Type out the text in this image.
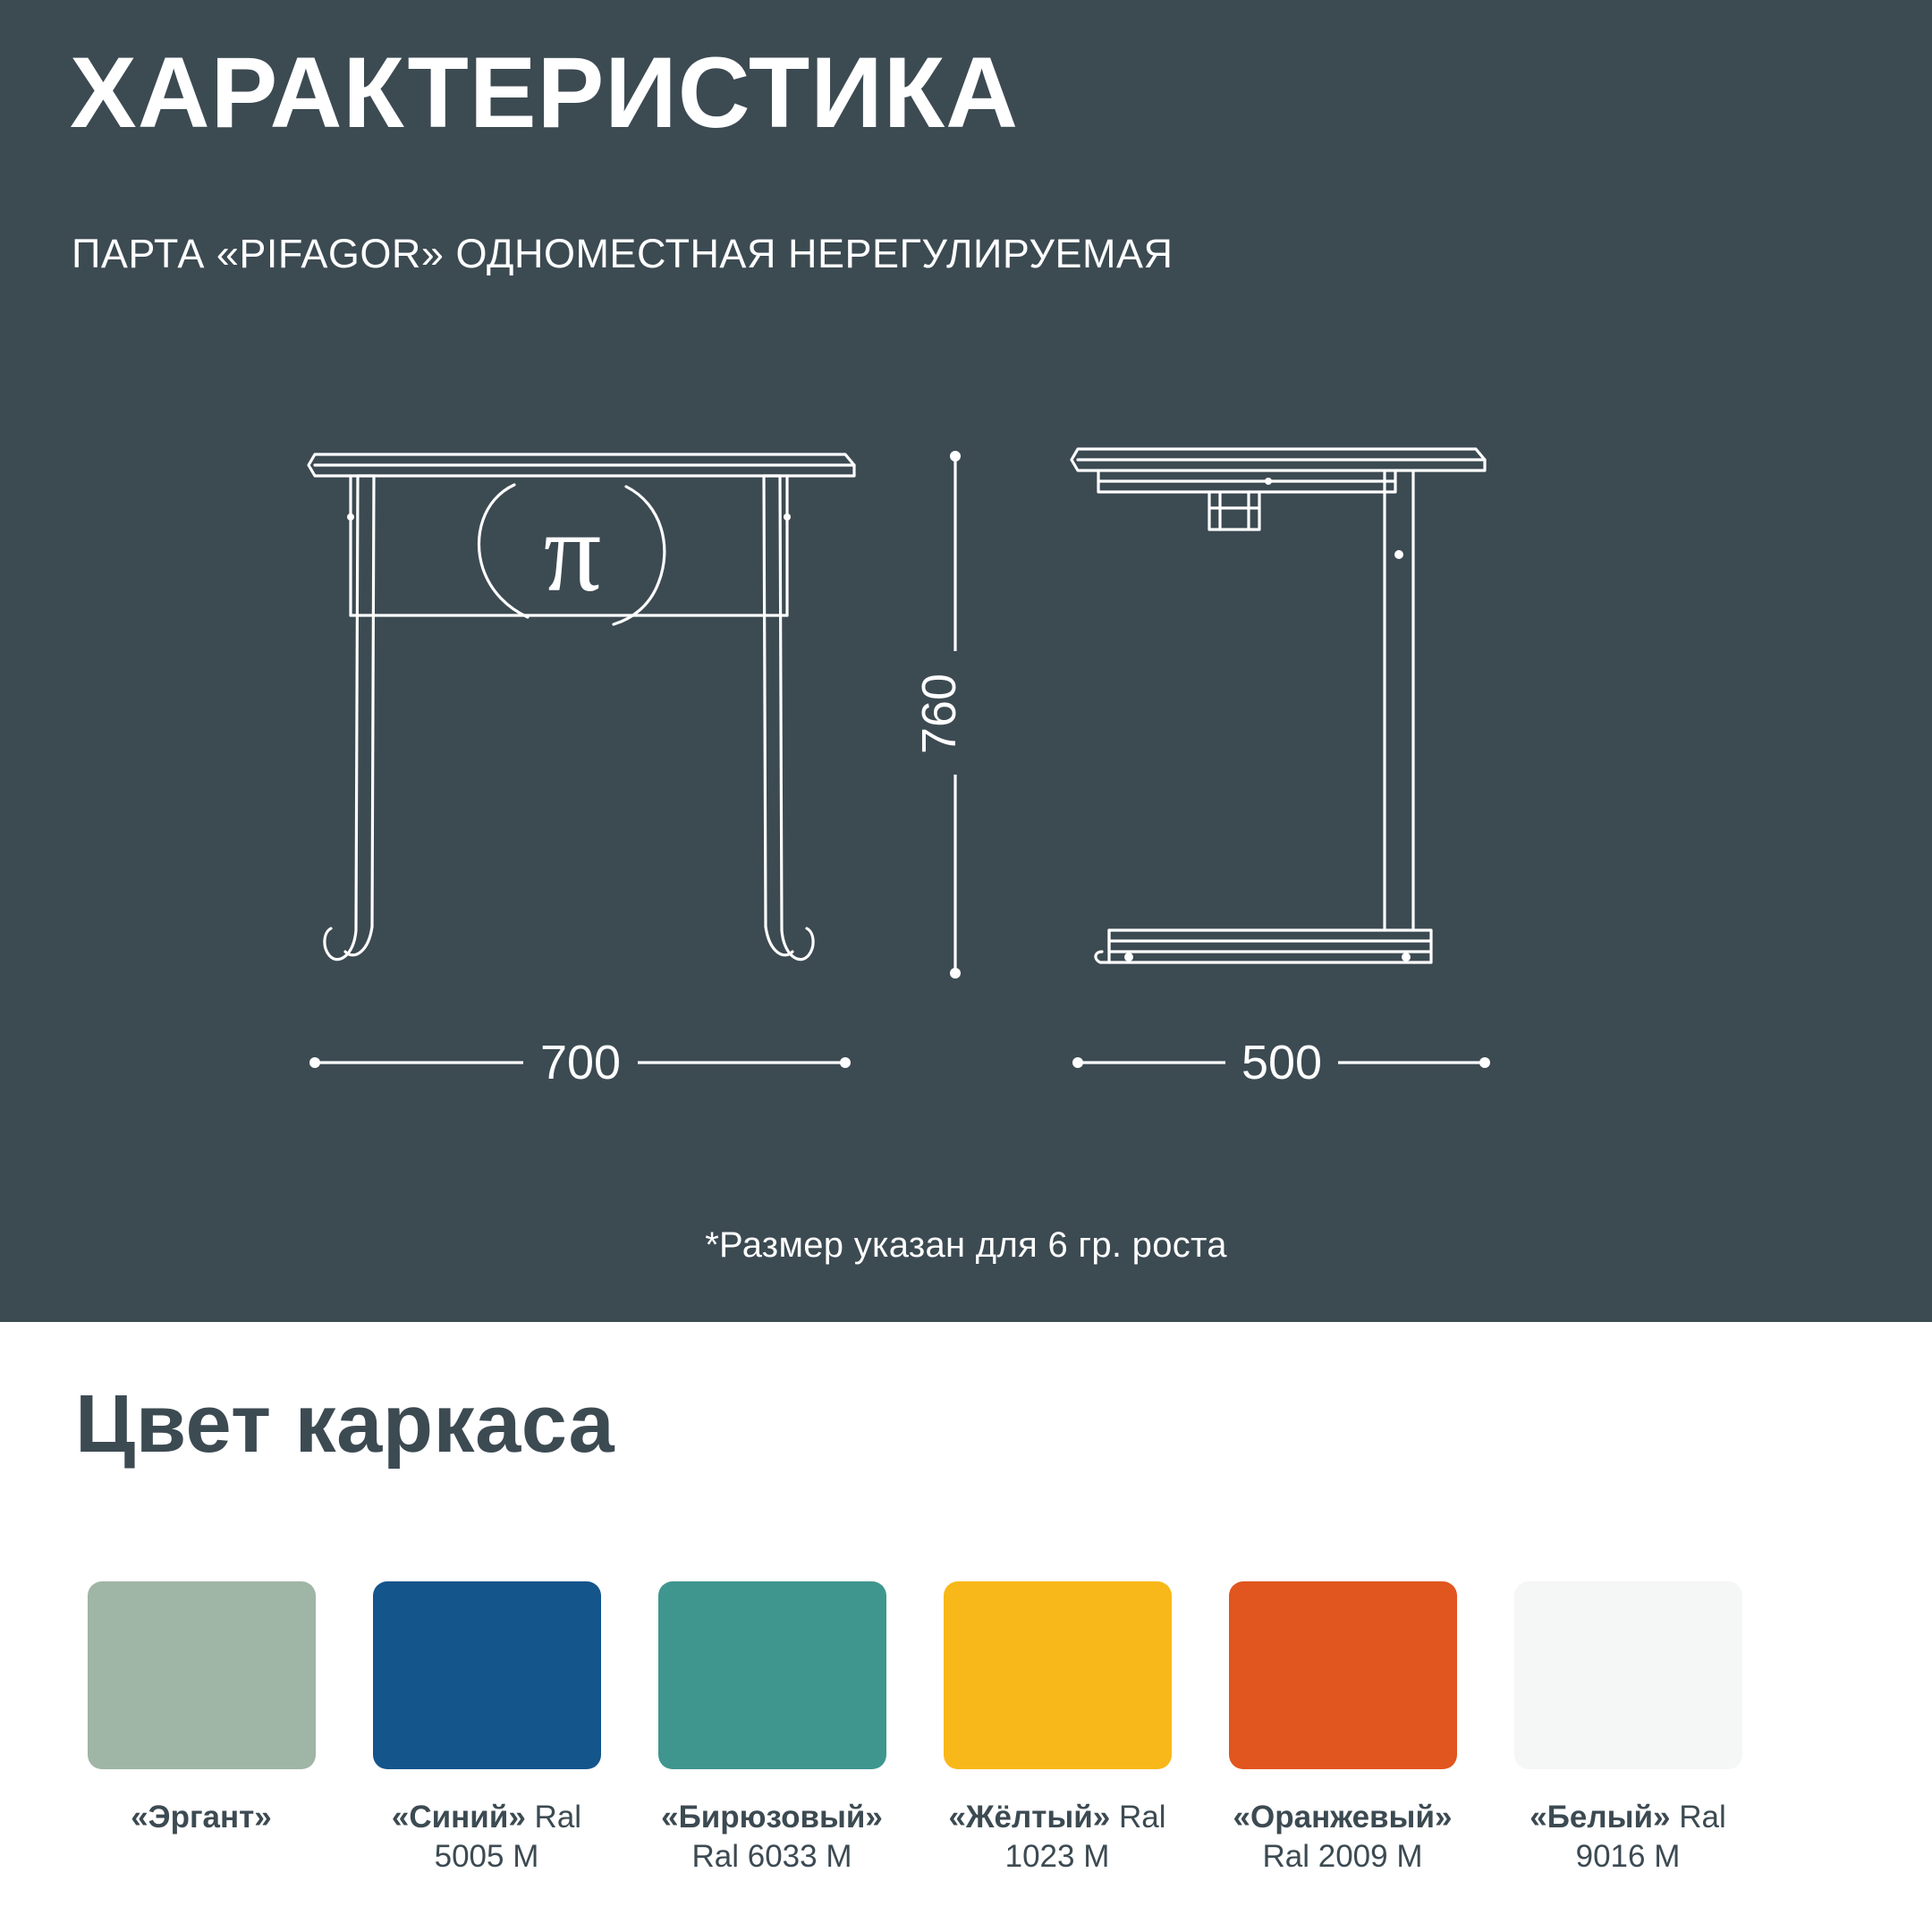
ХАРАКТЕРИСТИКА
ПАРТА «PIFAGOR» ОДНОМЕСТНАЯ НЕРЕГУЛИРУЕМАЯ
π
700
760
500
*Размер указан для 6 гр. роста
Цвет каркаса
«Эргант»	«Синий» Ral 5005 M
«Бирюзовый» Ral 6033 M
«Жёлтый» Ral 1023 M
«Оранжевый» Ral 2009 M
«Белый» Ral 9016 M
